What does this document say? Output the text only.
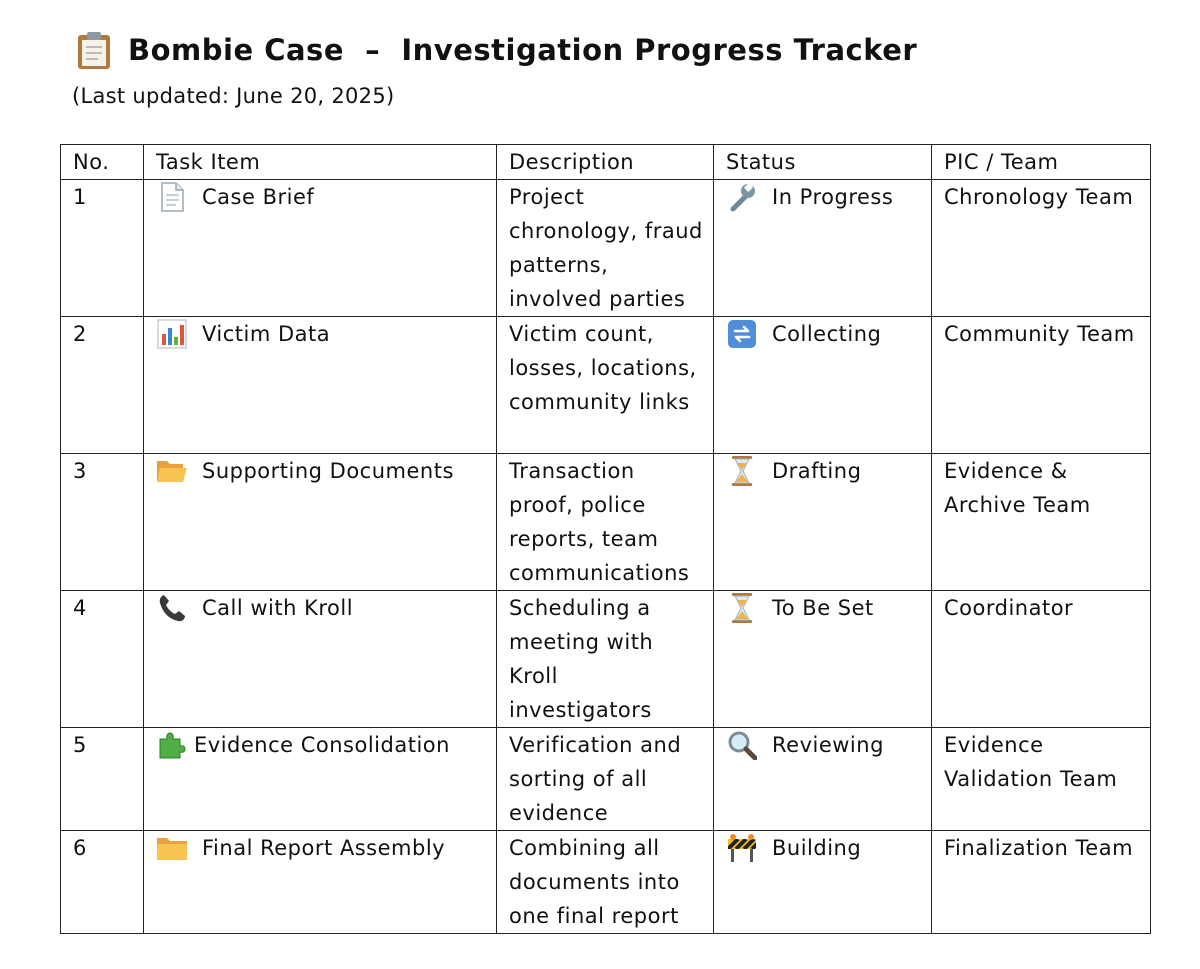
Bombie Case  –  Investigation Progress Tracker
(Last updated: June 20, 2025)
No.	Task Item	Description	Status	PIC / Team
1	Case Brief	Project chronology, fraud patterns, involved parties	In Progress	Chronology Team
2	Victim Data	Victim count, losses, locations, community links	Collecting	Community Team
3	Supporting Documents	Transaction proof, police reports, team communications	Drafting	Evidence & Archive Team
4	Call with Kroll	Scheduling a meeting with Kroll investigators	To Be Set	Coordinator
5	Evidence Consolidation	Verification and sorting of all evidence	Reviewing	Evidence Validation Team
6	Final Report Assembly	Combining all documents into one final report	Building	Finalization Team
